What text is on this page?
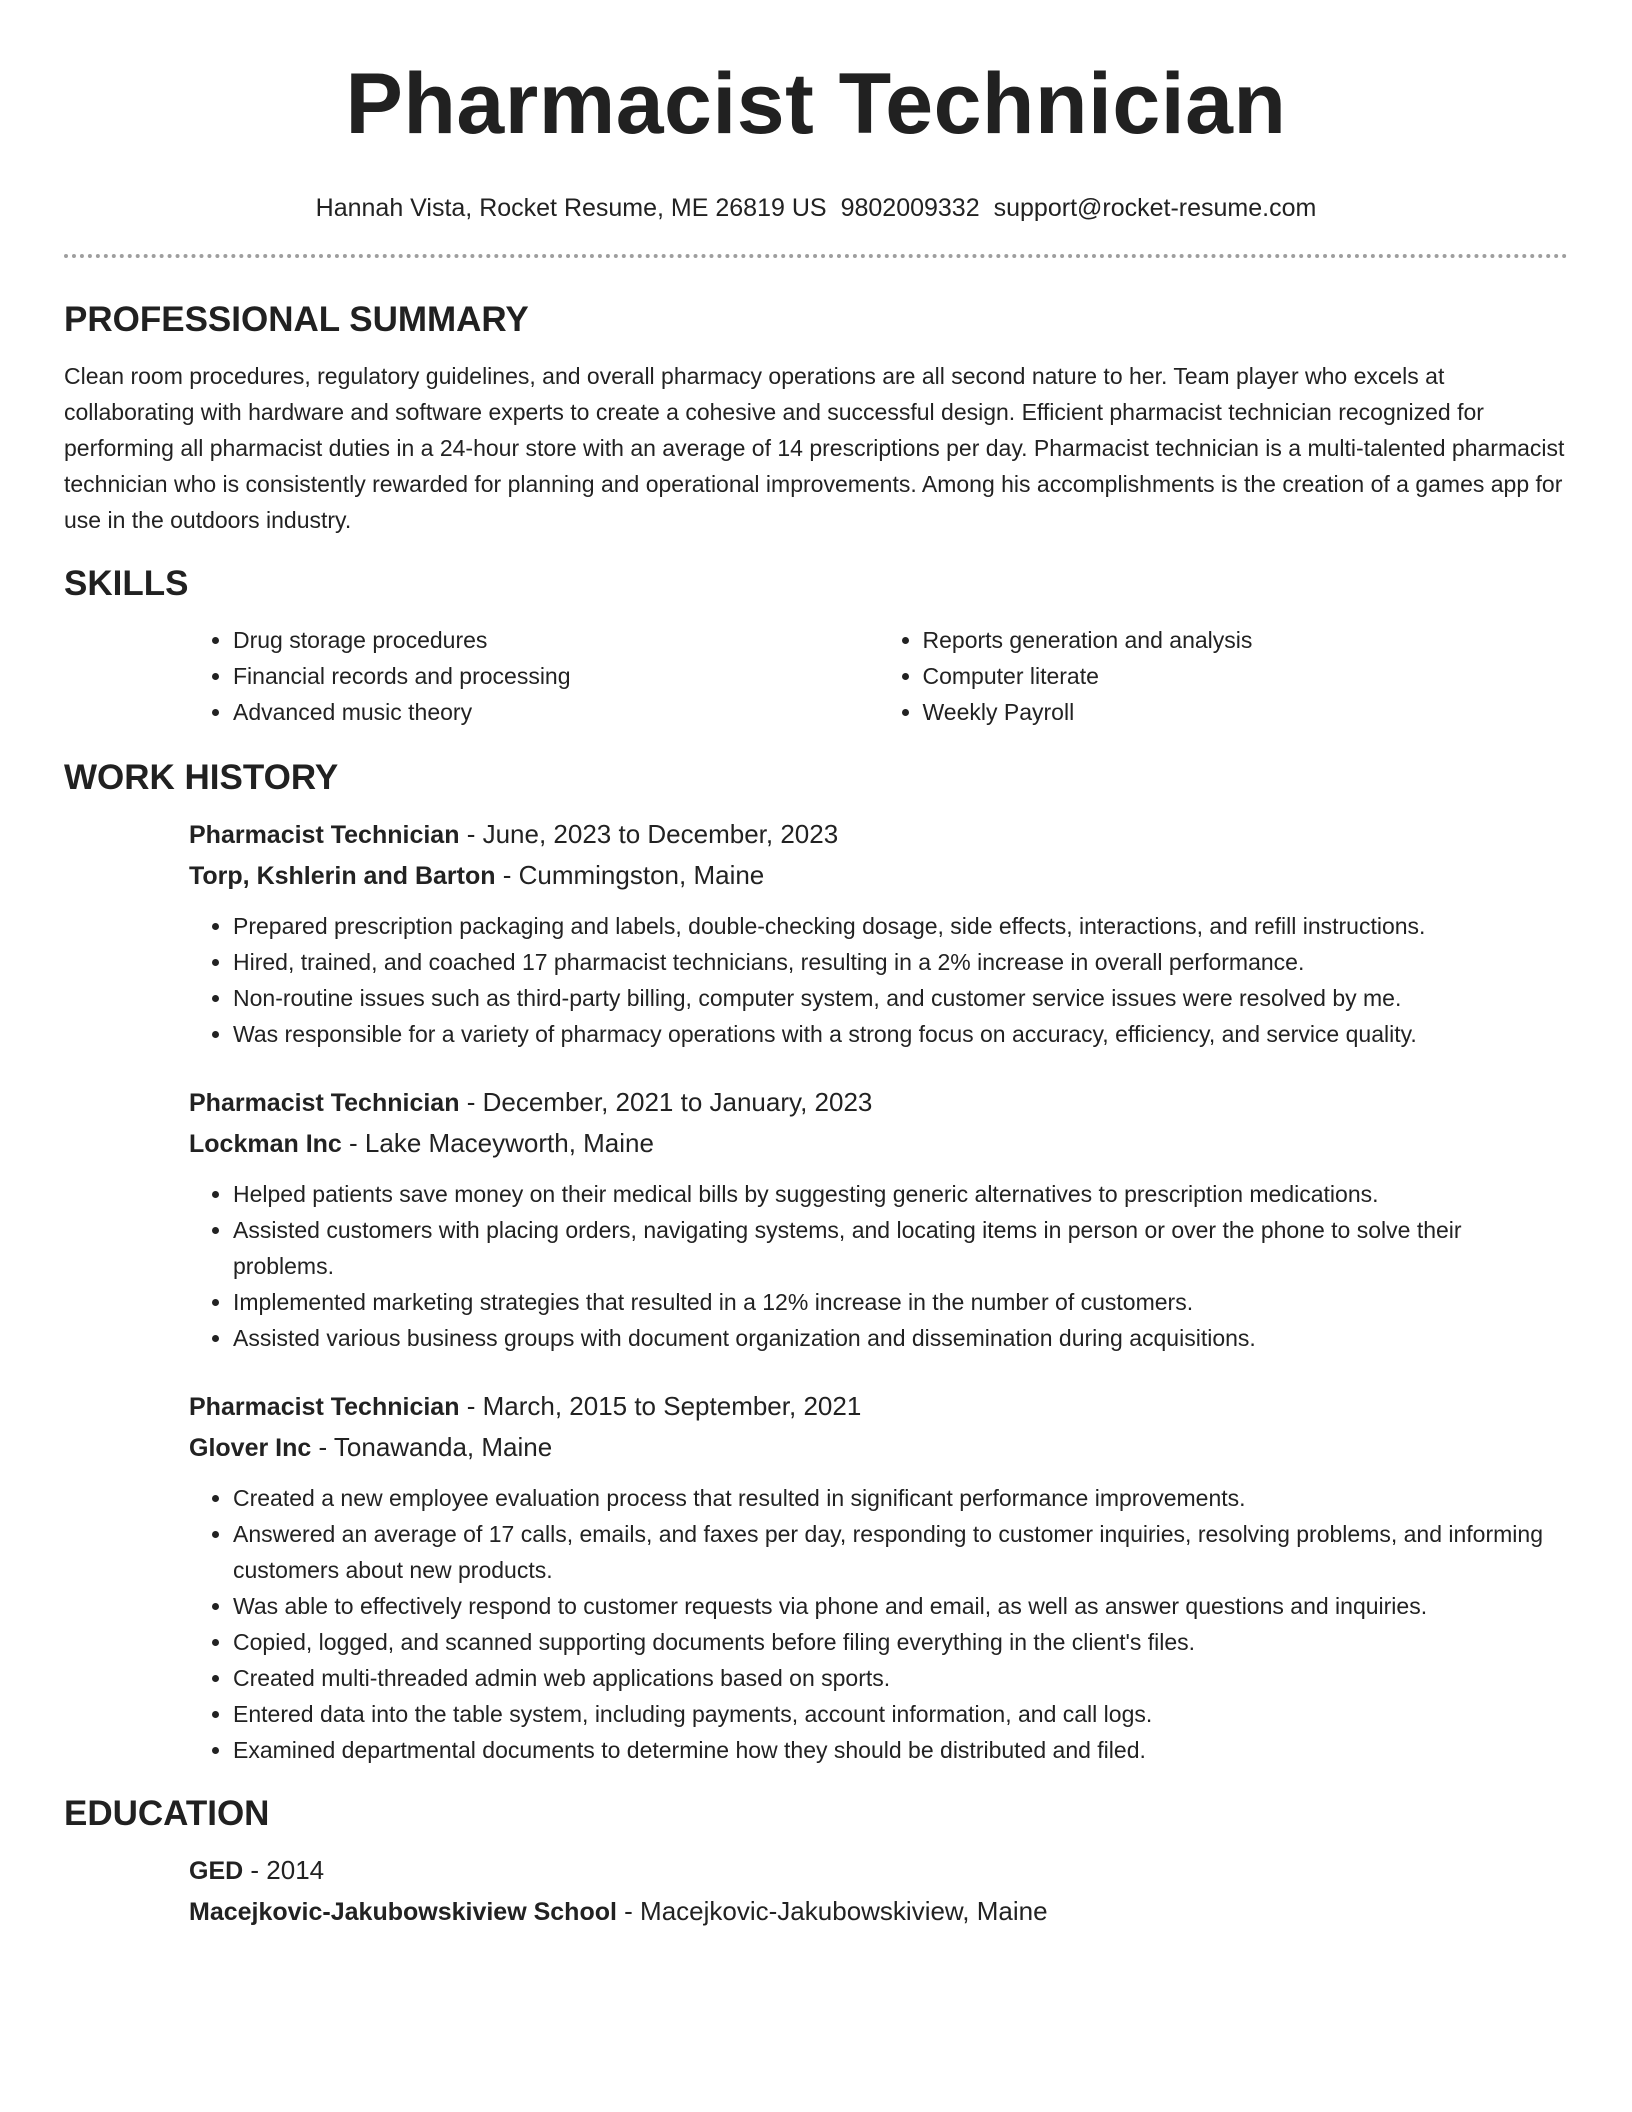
Pharmacist Technician
Hannah Vista, Rocket Resume, ME 26819 US 9802009332 support@rocket-resume.com
PROFESSIONAL SUMMARY

Clean room procedures, regulatory guidelines, and overall pharmacy operations are all second nature to her. Team player who excels at collaborating with hardware and software experts to create a cohesive and successful design. Efficient pharmacist technician recognized for performing all pharmacist duties in a 24-hour store with an average of 14 prescriptions per day. Pharmacist technician is a multi-talented pharmacist technician who is consistently rewarded for planning and operational improvements. Among his accomplishments is the creation of a games app for use in the outdoors industry.

SKILLS
• Drug storage procedures
• Financial records and processing
• Advanced music theory
• Reports generation and analysis
• Computer literate
• Weekly Payroll
WORK HISTORY
Pharmacist Technician - June, 2023 to December, 2023
Torp, Kshlerin and Barton - Cummingston, Maine
• Prepared prescription packaging and labels, double-checking dosage, side effects, interactions, and refill instructions.
• Hired, trained, and coached 17 pharmacist technicians, resulting in a 2% increase in overall performance.
• Non-routine issues such as third-party billing, computer system, and customer service issues were resolved by me.
• Was responsible for a variety of pharmacy operations with a strong focus on accuracy, efficiency, and service quality.
Pharmacist Technician - December, 2021 to January, 2023
Lockman Inc - Lake Maceyworth, Maine
• Helped patients save money on their medical bills by suggesting generic alternatives to prescription medications.
• Assisted customers with placing orders, navigating systems, and locating items in person or over the phone to solve their problems.
• Implemented marketing strategies that resulted in a 12% increase in the number of customers.
• Assisted various business groups with document organization and dissemination during acquisitions.
Pharmacist Technician - March, 2015 to September, 2021
Glover Inc - Tonawanda, Maine
• Created a new employee evaluation process that resulted in significant performance improvements.
• Answered an average of 17 calls, emails, and faxes per day, responding to customer inquiries, resolving problems, and informing customers about new products.
• Was able to effectively respond to customer requests via phone and email, as well as answer questions and inquiries.
• Copied, logged, and scanned supporting documents before filing everything in the client's files.
• Created multi-threaded admin web applications based on sports.
• Entered data into the table system, including payments, account information, and call logs.
• Examined departmental documents to determine how they should be distributed and filed.
EDUCATION
GED - 2014
Macejkovic-Jakubowskiview School - Macejkovic-Jakubowskiview, Maine
